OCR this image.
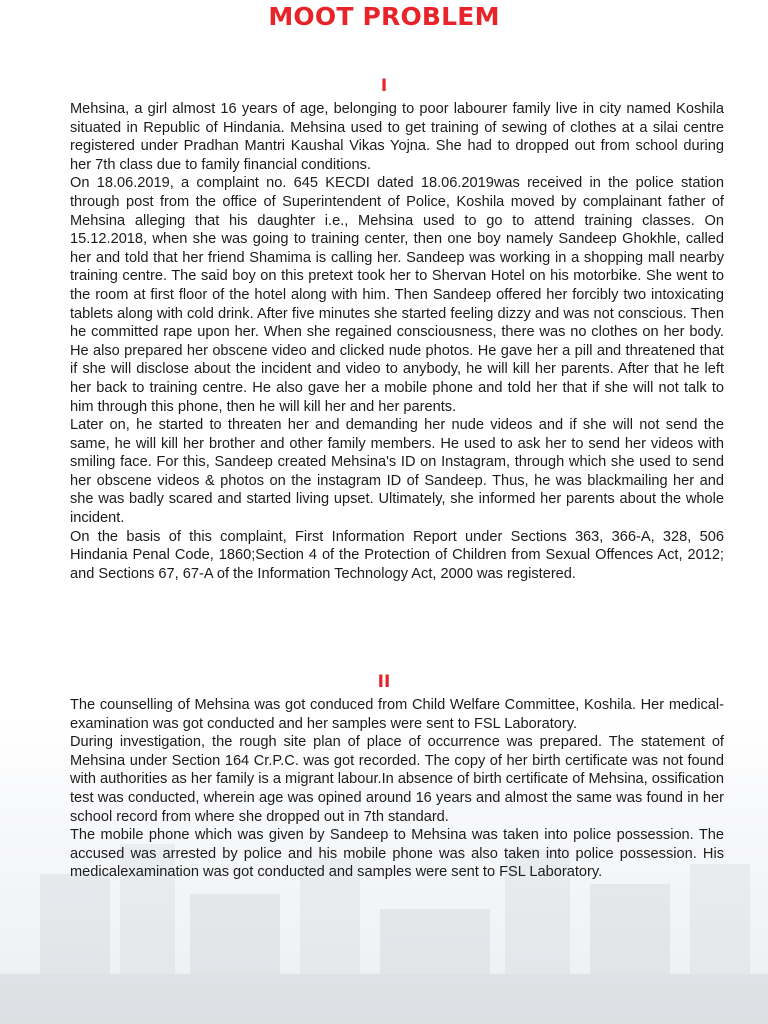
MOOT PROBLEM
I

Mehsina, a girl almost 16 years of age, belonging to poor labourer family live in city named Koshila situated in Republic of Hindania. Mehsina used to get training of sewing of clothes at a silai centre registered under Pradhan Mantri Kaushal Vikas Yojna. She had to dropped out from school during her 7th class due to family financial conditions.

On 18.06.2019, a complaint no. 645 KECDI dated 18.06.2019was received in the police station through post from the office of Superintendent of Police, Koshila moved by complainant father of Mehsina alleging that his daughter i.e., Mehsina used to go to attend training classes. On 15.12.2018, when she was going to training center, then one boy namely Sandeep Ghokhle, called her and told that her friend Shamima is calling her. Sandeep was working in a shopping mall nearby training centre. The said boy on this pretext took her to Shervan Hotel on his motorbike. She went to the room at first floor of the hotel along with him. Then Sandeep offered her forcibly two intoxicating tablets along with cold drink. After five minutes she started feeling dizzy and was not conscious. Then he committed rape upon her. When she regained consciousness, there was no clothes on her body. He also prepared her obscene video and clicked nude photos. He gave her a pill and threatened that if she will disclose about the incident and video to anybody, he will kill her parents. After that he left her back to training centre. He also gave her a mobile phone and told her that if she will not talk to him through this phone, then he will kill her and her parents.

Later on, he started to threaten her and demanding her nude videos and if she will not send the same, he will kill her brother and other family members. He used to ask her to send her videos with smiling face. For this, Sandeep created Mehsina's ID on Instagram, through which she used to send her obscene videos & photos on the instagram ID of Sandeep. Thus, he was blackmailing her and she was badly scared and started living upset. Ultimately, she informed her parents about the whole incident.

On the basis of this complaint, First Information Report under Sections 363, 366-A, 328, 506 Hindania Penal Code, 1860;Section 4 of the Protection of Children from Sexual Offences Act, 2012; and Sections 67, 67-A of the Information Technology Act, 2000 was registered.

II

The counselling of Mehsina was got conduced from Child Welfare Committee, Koshila. Her medical-examination was got conducted and her samples were sent to FSL Laboratory.

During investigation, the rough site plan of place of occurrence was prepared. The statement of Mehsina under Section 164 Cr.P.C. was got recorded. The copy of her birth certificate was not found with authorities as her family is a migrant labour.In absence of birth certificate of Mehsina, ossification test was conducted, wherein age was opined around 16 years and almost the same was found in her school record from where she dropped out in 7th standard.

The mobile phone which was given by Sandeep to Mehsina was taken into police possession. The accused was arrested by police and his mobile phone was also taken into police possession. His medicalexamination was got conducted and samples were sent to FSL Laboratory.
